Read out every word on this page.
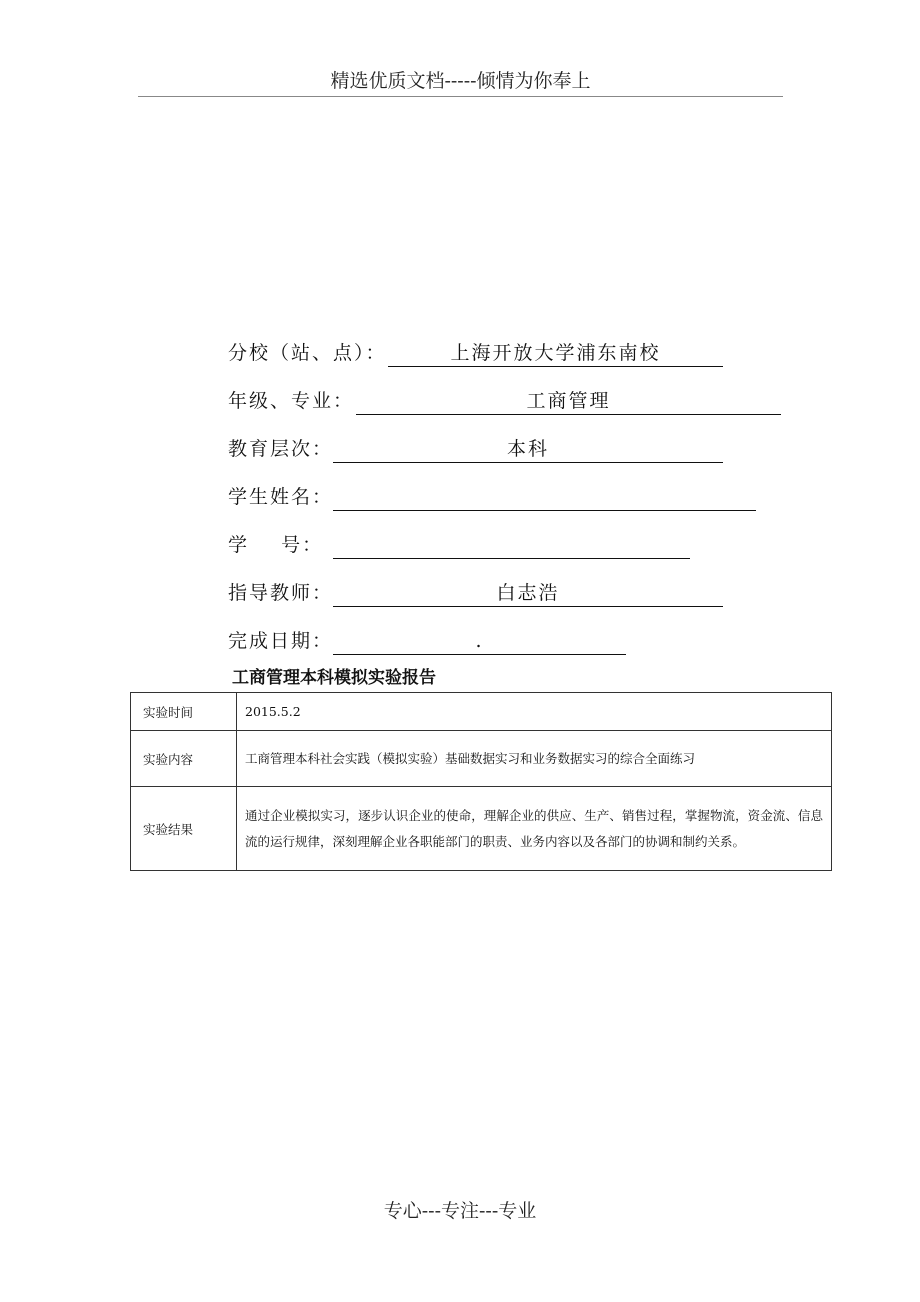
精选优质文档-----倾情为你奉上
分校（站、点）：	上海开放大学浦东南校
年级、专业：	工商管理
教育层次：	本科
学生姓名：
学    号：
指导教师：	白志浩
完成日期：	.
工商管理本科模拟实验报告
实验时间	2015.5.2
实验内容	工商管理本科社会实践（模拟实验）基础数据实习和业务数据实习的综合全面练习
实验结果	通过企业模拟实习，逐步认识企业的使命，理解企业的供应、生产、销售过程，掌握物流，资金流、信息流的运行规律，深刻理解企业各职能部门的职责、业务内容以及各部门的协调和制约关系。
专心---专注---专业
